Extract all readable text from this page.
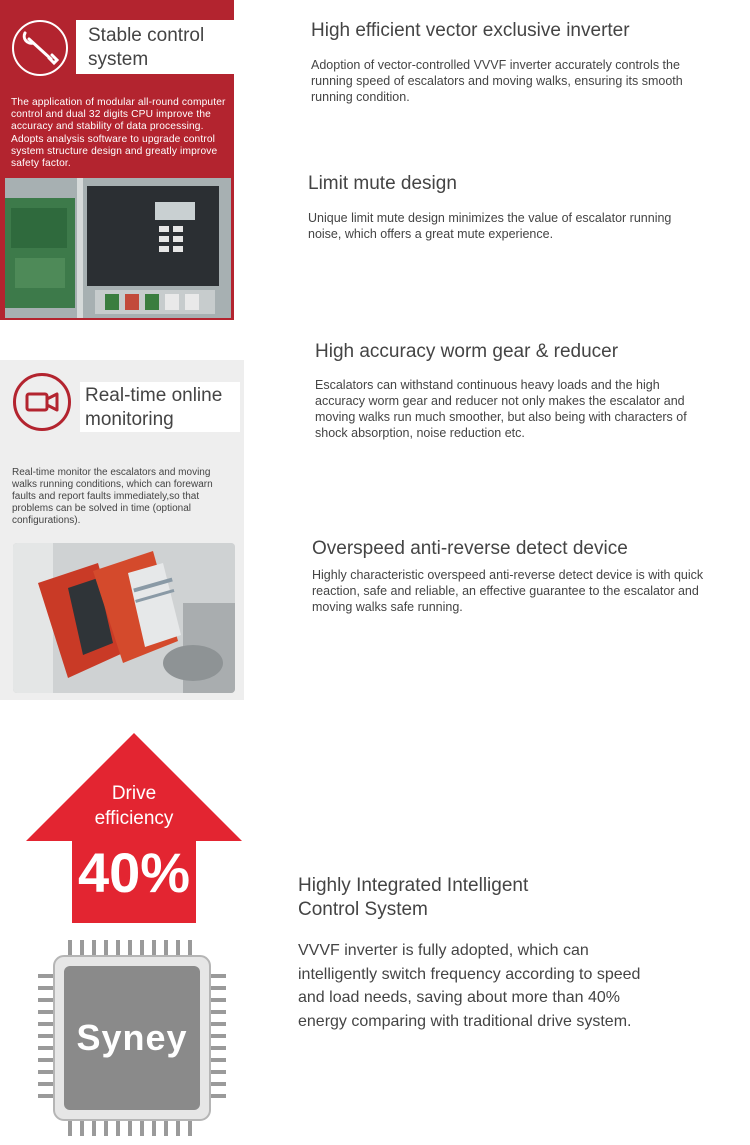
Stable control
system
The application of modular all-round computer control and dual 32 digits CPU improve the accuracy and stability of data processing. Adopts analysis software to upgrade control system structure design and greatly improve safety factor.
High efficient vector exclusive inverter
Adoption of vector-controlled VVVF inverter accurately controls the running speed of escalators and moving walks, ensuring its smooth running condition.
Limit mute design
Unique limit mute design minimizes the value of escalator running noise, which offers a great mute experience.
Real-time online
monitoring
Real-time monitor the escalators and moving walks running conditions, which can forewarn faults and report faults immediately,so that problems can be solved in time (optional configurations).
High accuracy worm gear & reducer
Escalators can withstand continuous heavy loads and the high accuracy worm gear and reducer not only makes the escalator and moving walks run much smoother, but also being with characters of shock absorption, noise reduction etc.
Overspeed anti-reverse detect device
Highly characteristic overspeed anti-reverse detect device is with quick reaction, safe and reliable, an effective guarantee to the escalator and moving walks safe running.
Drive
efficiency
40%
Syney
Highly Integrated Intelligent
Control System
VVVF inverter is fully adopted, which can intelligently switch frequency according to speed and load needs, saving about more than 40% energy comparing with traditional drive system.
